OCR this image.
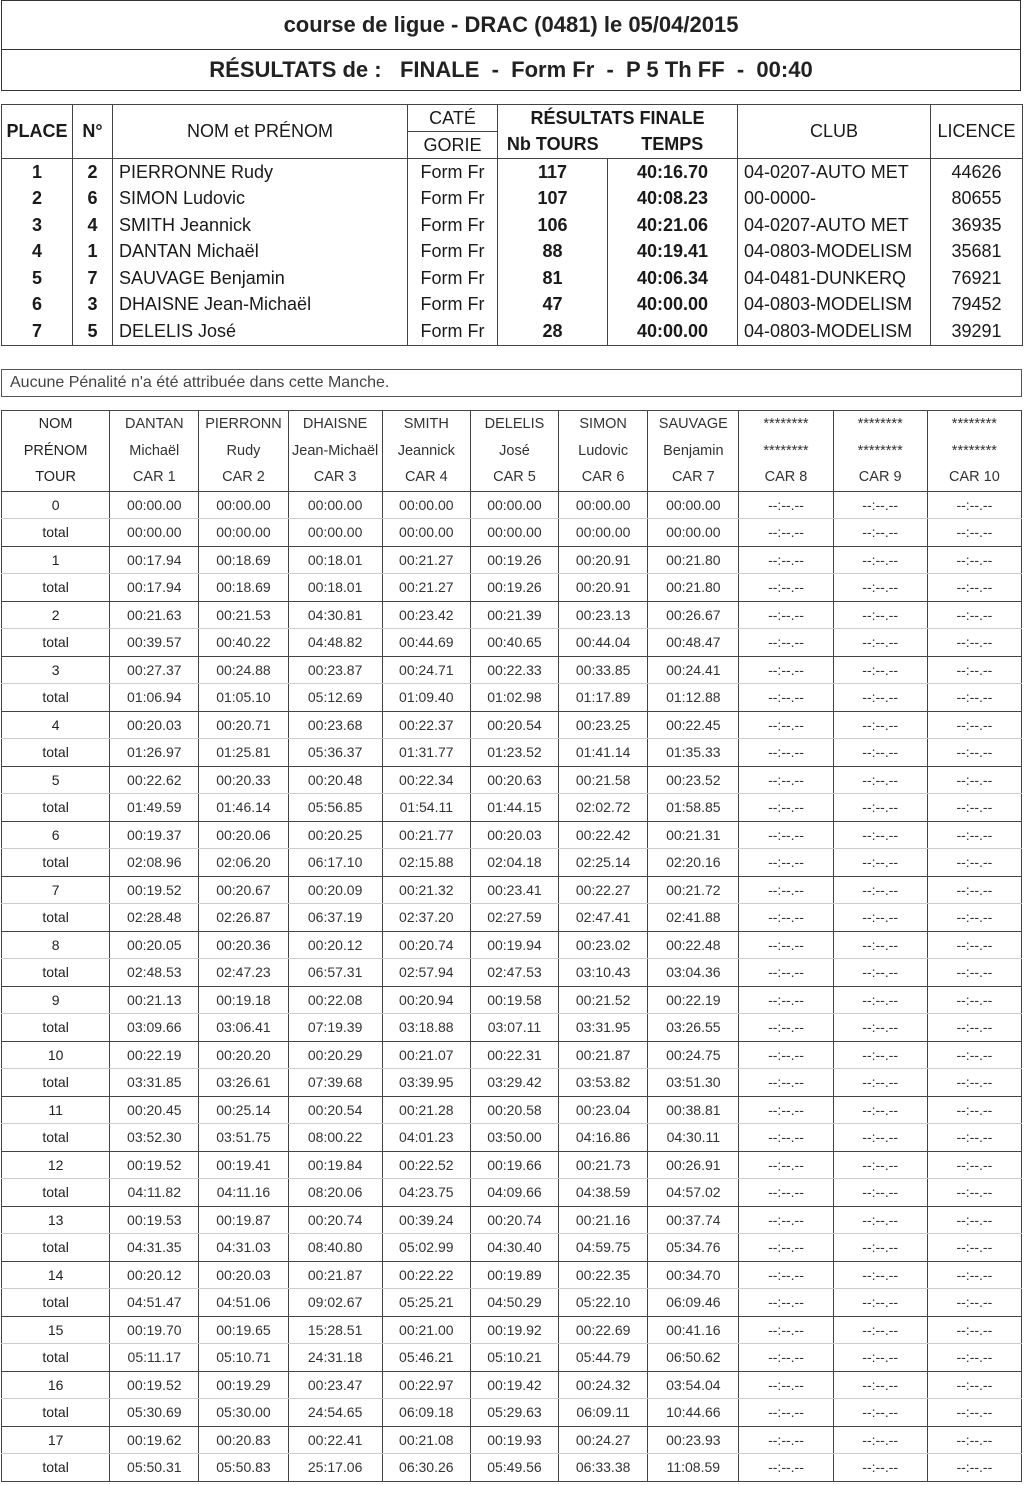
course de ligue - DRAC (0481) le 05/04/2015
RÉSULTATS de :   FINALE  -  Form Fr  -  P 5 Th FF  -  00:40
PLACE	N°	NOM et PRÉNOM	CATÉ	RÉSULTATS FINALE		CLUB	LICENCE
			GORIE	Nb TOURS	TEMPS		
1	2	PIERRONNE Rudy	Form Fr	117	40:16.70	04-0207-AUTO MET	44626
2	6	SIMON Ludovic	Form Fr	107	40:08.23	00-0000-	80655
3	4	SMITH Jeannick	Form Fr	106	40:21.06	04-0207-AUTO MET	36935
4	1	DANTAN Michaël	Form Fr	88	40:19.41	04-0803-MODELISM	35681
5	7	SAUVAGE Benjamin	Form Fr	81	40:06.34	04-0481-DUNKERQ	76921
6	3	DHAISNE Jean-Michaël	Form Fr	47	40:00.00	04-0803-MODELISM	79452
7	5	DELELIS José	Form Fr	28	40:00.00	04-0803-MODELISM	39291
Aucune Pénalité n'a été attribuée dans cette Manche.
NOM	DANTAN	PIERRONN	DHAISNE	SMITH	DELELIS	SIMON	SAUVAGE	********	********	********
PRÉNOM	Michaël	Rudy	Jean-Michaël	Jeannick	José	Ludovic	Benjamin	********	********	********
TOUR	CAR 1	CAR 2	CAR 3	CAR 4	CAR 5	CAR 6	CAR 7	CAR 8	CAR 9	CAR 10
0	00:00.00	00:00.00	00:00.00	00:00.00	00:00.00	00:00.00	00:00.00	--:--.--	--:--.--	--:--.--
total	00:00.00	00:00.00	00:00.00	00:00.00	00:00.00	00:00.00	00:00.00	--:--.--	--:--.--	--:--.--
1	00:17.94	00:18.69	00:18.01	00:21.27	00:19.26	00:20.91	00:21.80	--:--.--	--:--.--	--:--.--
total	00:17.94	00:18.69	00:18.01	00:21.27	00:19.26	00:20.91	00:21.80	--:--.--	--:--.--	--:--.--
2	00:21.63	00:21.53	04:30.81	00:23.42	00:21.39	00:23.13	00:26.67	--:--.--	--:--.--	--:--.--
total	00:39.57	00:40.22	04:48.82	00:44.69	00:40.65	00:44.04	00:48.47	--:--.--	--:--.--	--:--.--
3	00:27.37	00:24.88	00:23.87	00:24.71	00:22.33	00:33.85	00:24.41	--:--.--	--:--.--	--:--.--
total	01:06.94	01:05.10	05:12.69	01:09.40	01:02.98	01:17.89	01:12.88	--:--.--	--:--.--	--:--.--
4	00:20.03	00:20.71	00:23.68	00:22.37	00:20.54	00:23.25	00:22.45	--:--.--	--:--.--	--:--.--
total	01:26.97	01:25.81	05:36.37	01:31.77	01:23.52	01:41.14	01:35.33	--:--.--	--:--.--	--:--.--
5	00:22.62	00:20.33	00:20.48	00:22.34	00:20.63	00:21.58	00:23.52	--:--.--	--:--.--	--:--.--
total	01:49.59	01:46.14	05:56.85	01:54.11	01:44.15	02:02.72	01:58.85	--:--.--	--:--.--	--:--.--
6	00:19.37	00:20.06	00:20.25	00:21.77	00:20.03	00:22.42	00:21.31	--:--.--	--:--.--	--:--.--
total	02:08.96	02:06.20	06:17.10	02:15.88	02:04.18	02:25.14	02:20.16	--:--.--	--:--.--	--:--.--
7	00:19.52	00:20.67	00:20.09	00:21.32	00:23.41	00:22.27	00:21.72	--:--.--	--:--.--	--:--.--
total	02:28.48	02:26.87	06:37.19	02:37.20	02:27.59	02:47.41	02:41.88	--:--.--	--:--.--	--:--.--
8	00:20.05	00:20.36	00:20.12	00:20.74	00:19.94	00:23.02	00:22.48	--:--.--	--:--.--	--:--.--
total	02:48.53	02:47.23	06:57.31	02:57.94	02:47.53	03:10.43	03:04.36	--:--.--	--:--.--	--:--.--
9	00:21.13	00:19.18	00:22.08	00:20.94	00:19.58	00:21.52	00:22.19	--:--.--	--:--.--	--:--.--
total	03:09.66	03:06.41	07:19.39	03:18.88	03:07.11	03:31.95	03:26.55	--:--.--	--:--.--	--:--.--
10	00:22.19	00:20.20	00:20.29	00:21.07	00:22.31	00:21.87	00:24.75	--:--.--	--:--.--	--:--.--
total	03:31.85	03:26.61	07:39.68	03:39.95	03:29.42	03:53.82	03:51.30	--:--.--	--:--.--	--:--.--
11	00:20.45	00:25.14	00:20.54	00:21.28	00:20.58	00:23.04	00:38.81	--:--.--	--:--.--	--:--.--
total	03:52.30	03:51.75	08:00.22	04:01.23	03:50.00	04:16.86	04:30.11	--:--.--	--:--.--	--:--.--
12	00:19.52	00:19.41	00:19.84	00:22.52	00:19.66	00:21.73	00:26.91	--:--.--	--:--.--	--:--.--
total	04:11.82	04:11.16	08:20.06	04:23.75	04:09.66	04:38.59	04:57.02	--:--.--	--:--.--	--:--.--
13	00:19.53	00:19.87	00:20.74	00:39.24	00:20.74	00:21.16	00:37.74	--:--.--	--:--.--	--:--.--
total	04:31.35	04:31.03	08:40.80	05:02.99	04:30.40	04:59.75	05:34.76	--:--.--	--:--.--	--:--.--
14	00:20.12	00:20.03	00:21.87	00:22.22	00:19.89	00:22.35	00:34.70	--:--.--	--:--.--	--:--.--
total	04:51.47	04:51.06	09:02.67	05:25.21	04:50.29	05:22.10	06:09.46	--:--.--	--:--.--	--:--.--
15	00:19.70	00:19.65	15:28.51	00:21.00	00:19.92	00:22.69	00:41.16	--:--.--	--:--.--	--:--.--
total	05:11.17	05:10.71	24:31.18	05:46.21	05:10.21	05:44.79	06:50.62	--:--.--	--:--.--	--:--.--
16	00:19.52	00:19.29	00:23.47	00:22.97	00:19.42	00:24.32	03:54.04	--:--.--	--:--.--	--:--.--
total	05:30.69	05:30.00	24:54.65	06:09.18	05:29.63	06:09.11	10:44.66	--:--.--	--:--.--	--:--.--
17	00:19.62	00:20.83	00:22.41	00:21.08	00:19.93	00:24.27	00:23.93	--:--.--	--:--.--	--:--.--
total	05:50.31	05:50.83	25:17.06	06:30.26	05:49.56	06:33.38	11:08.59	--:--.--	--:--.--	--:--.--
